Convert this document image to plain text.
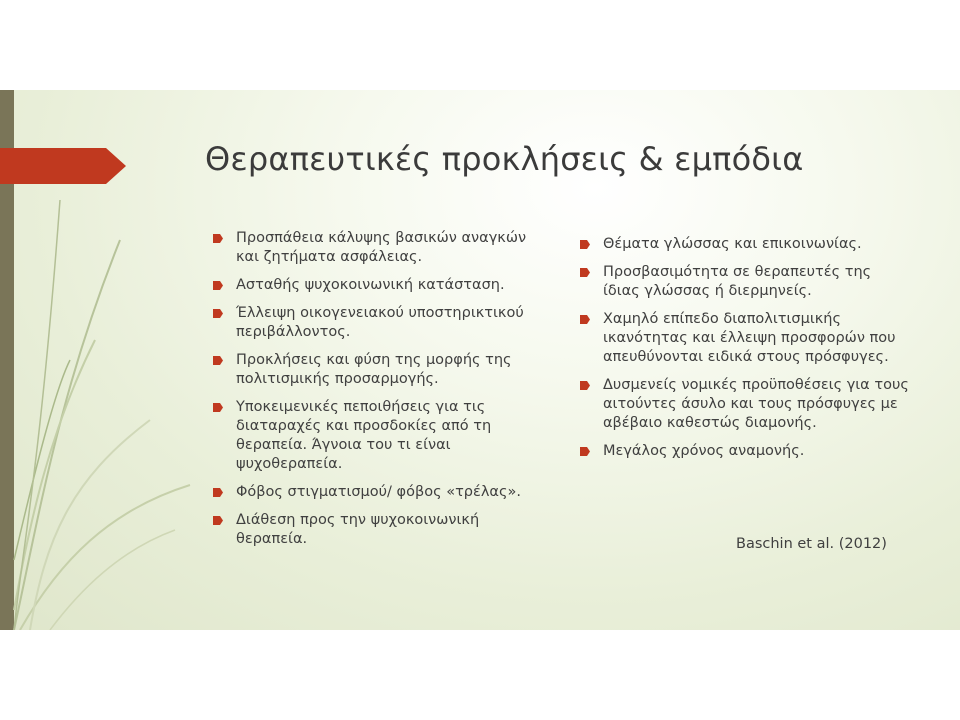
Θεραπευτικές προκλήσεις & εμπόδια
Προσπάθεια κάλυψης βασικών αναγκών και ζητήματα ασφάλειας.
Ασταθής ψυχοκοινωνική κατάσταση.
Έλλειψη οικογενειακού υποστηρικτικού περιβάλλοντος.
Προκλήσεις και φύση της μορφής της πολιτισμικής προσαρμογής.
Υποκειμενικές πεποιθήσεις για τις διαταραχές και προσδοκίες από τη θεραπεία. Άγνοια του τι είναι ψυχοθεραπεία.
Φόβος στιγματισμού/ φόβος «τρέλας».
Διάθεση προς την ψυχοκοινωνική θεραπεία.
Θέματα γλώσσας και επικοινωνίας.
Προσβασιμότητα σε θεραπευτές της ίδιας γλώσσας ή διερμηνείς.
Χαμηλό επίπεδο διαπολιτισμικής ικανότητας και έλλειψη προσφορών που απευθύνονται ειδικά στους πρόσφυγες.
Δυσμενείς νομικές προϋποθέσεις για τους αιτούντες άσυλο και τους πρόσφυγες με αβέβαιο καθεστώς διαμονής.
Μεγάλος χρόνος αναμονής.
Baschin et al. (2012)
